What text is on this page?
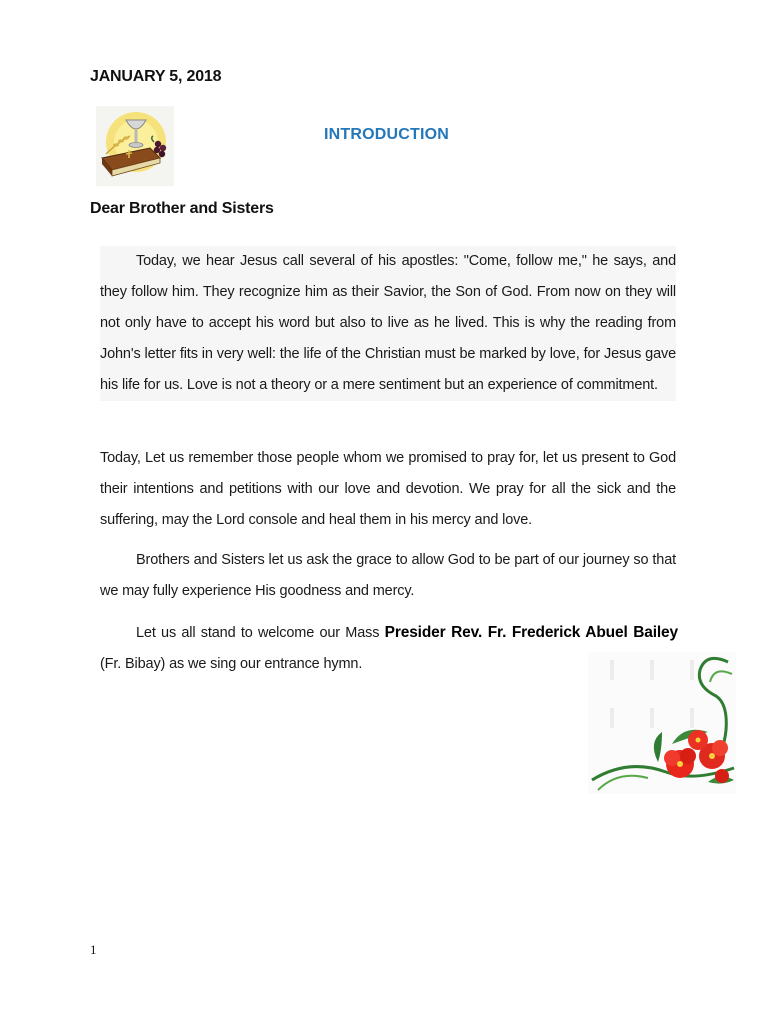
JANUARY 5, 2018
INTRODUCTION
Dear Brother and Sisters
Today, we hear Jesus call several of his apostles: "Come, follow me," he says, and they follow him. They recognize him as their Savior, the Son of God. From now on they will not only have to accept his word but also to live as he lived. This is why the reading from John's letter fits in very well: the life of the Christian must be marked by love, for Jesus gave his life for us. Love is not a theory or a mere sentiment but an experience of commitment.
Today, Let us remember those people whom we promised to pray for, let us present to God their intentions and petitions with our love and devotion. We pray for all the sick and the suffering, may the Lord console and heal them in his mercy and love.
Brothers and Sisters let us ask the grace to allow God to be part of our journey so that we may fully experience His goodness and mercy.
Let us all stand to welcome our Mass Presider Rev. Fr. Frederick Abuel Bailey (Fr. Bibay) as we sing our entrance hymn.
1
